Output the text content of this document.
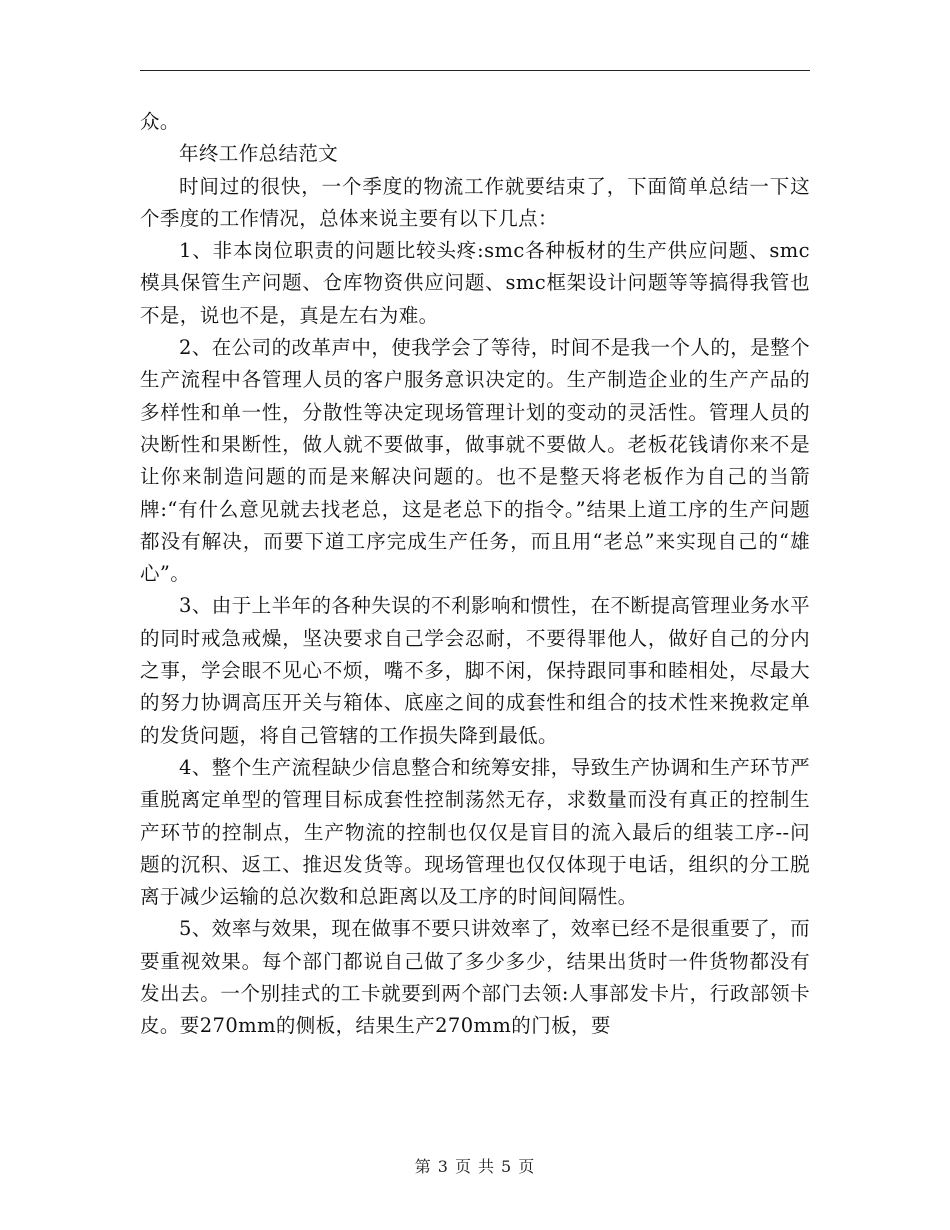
众。

年终工作总结范文

时间过的很快，一个季度的物流工作就要结束了，下面简单总结一下这个季度的工作情况，总体来说主要有以下几点：

1、非本岗位职责的问题比较头疼:smc各种板材的生产供应问题、smc模具保管生产问题、仓库物资供应问题、smc框架设计问题等等搞得我管也不是，说也不是，真是左右为难。

2、在公司的改革声中，使我学会了等待，时间不是我一个人的，是整个生产流程中各管理人员的客户服务意识决定的。生产制造企业的生产产品的多样性和单一性，分散性等决定现场管理计划的变动的灵活性。管理人员的决断性和果断性，做人就不要做事，做事就不要做人。老板花钱请你来不是让你来制造问题的而是来解决问题的。也不是整天将老板作为自己的当箭牌:“有什么意见就去找老总，这是老总下的指令。”结果上道工序的生产问题都没有解决，而要下道工序完成生产任务，而且用“老总”来实现自己的“雄心”。

3、由于上半年的各种失误的不利影响和惯性，在不断提高管理业务水平的同时戒急戒燥，坚决要求自己学会忍耐，不要得罪他人，做好自己的分内之事，学会眼不见心不烦，嘴不多，脚不闲，保持跟同事和睦相处，尽最大的努力协调高压开关与箱体、底座之间的成套性和组合的技术性来挽救定单的发货问题，将自己管辖的工作损失降到最低。

4、整个生产流程缺少信息整合和统筹安排，导致生产协调和生产环节严重脱离定单型的管理目标成套性控制荡然无存，求数量而没有真正的控制生产环节的控制点，生产物流的控制也仅仅是盲目的流入最后的组装工序--问题的沉积、返工、推迟发货等。现场管理也仅仅体现于电话，组织的分工脱离于减少运输的总次数和总距离以及工序的时间间隔性。

5、效率与效果，现在做事不要只讲效率了，效率已经不是很重要了，而要重视效果。每个部门都说自己做了多少多少，结果出货时一件货物都没有发出去。一个别挂式的工卡就要到两个部门去领:人事部发卡片，行政部领卡皮。要270mm的侧板，结果生产270mm的门板，要

第 3 页 共 5 页
